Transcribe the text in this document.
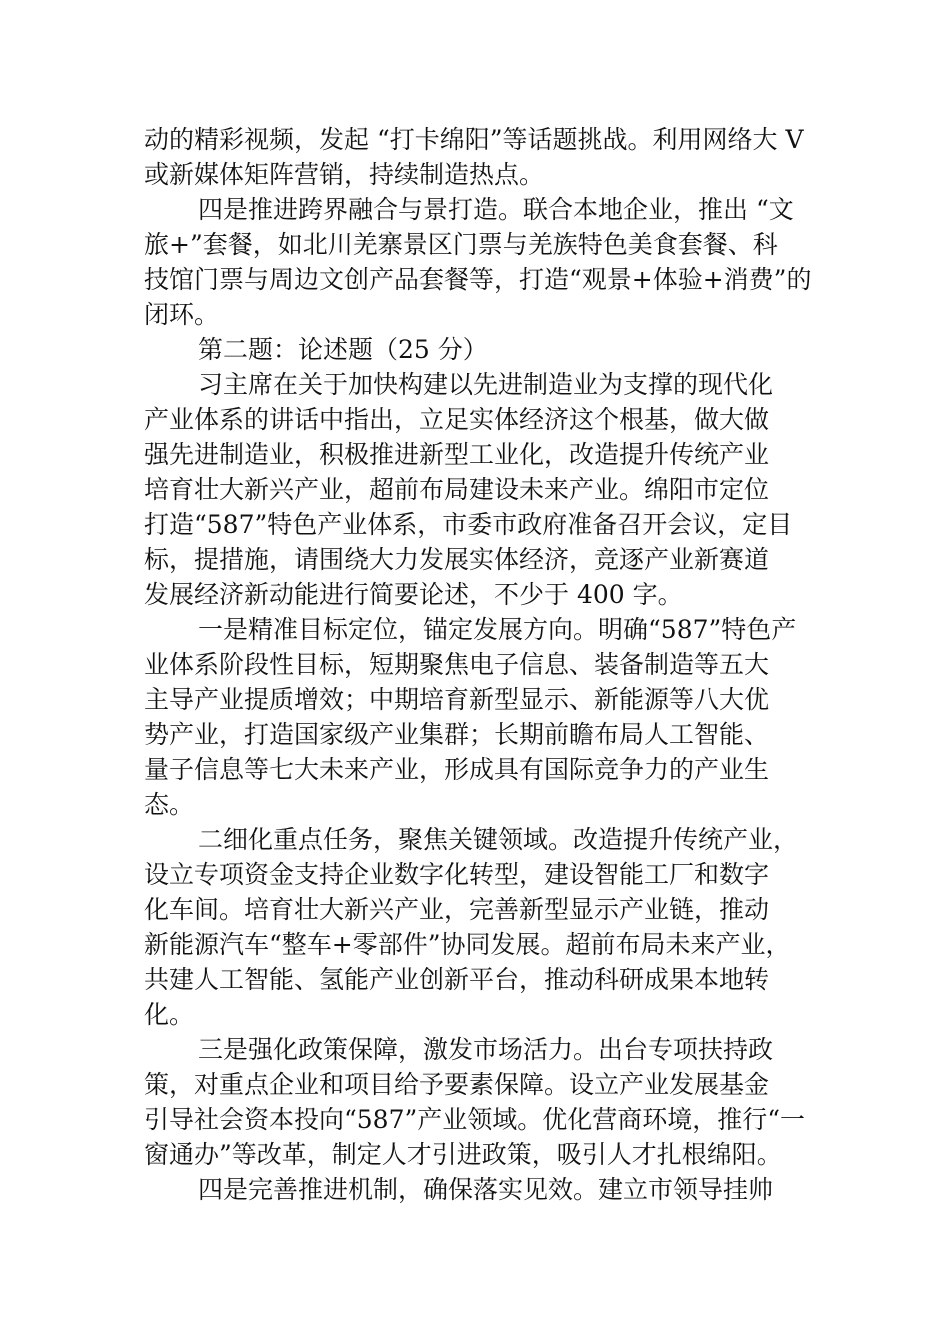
动的精彩视频，发起 “打卡绵阳”等话题挑战。利用网络大 V
或新媒体矩阵营销，持续制造热点。
四是推进跨界融合与景打造。联合本地企业，推出 “文
旅+”套餐，如北川羌寨景区门票与羌族特色美食套餐、科
技馆门票与周边文创产品套餐等，打造“观景+体验+消费”的
闭环。
第二题：论述题（25 分）
习主席在关于加快构建以先进制造业为支撑的现代化
产业体系的讲话中指出，立足实体经济这个根基，做大做
强先进制造业，积极推进新型工业化，改造提升传统产业
培育壮大新兴产业，超前布局建设未来产业。绵阳市定位
打造“587”特色产业体系，市委市政府准备召开会议，定目
标，提措施，请围绕大力发展实体经济，竞逐产业新赛道
发展经济新动能进行简要论述，不少于 400 字。
一是精准目标定位，锚定发展方向。明确“587”特色产
业体系阶段性目标，短期聚焦电子信息、装备制造等五大
主导产业提质增效；中期培育新型显示、新能源等八大优
势产业，打造国家级产业集群；长期前瞻布局人工智能、
量子信息等七大未来产业，形成具有国际竞争力的产业生
态。
二细化重点任务，聚焦关键领域。改造提升传统产业，
设立专项资金支持企业数字化转型，建设智能工厂和数字
化车间。培育壮大新兴产业，完善新型显示产业链，推动
新能源汽车“整车+零部件”协同发展。超前布局未来产业，
共建人工智能、氢能产业创新平台，推动科研成果本地转
化。
三是强化政策保障，激发市场活力。出台专项扶持政
策，对重点企业和项目给予要素保障。设立产业发展基金
引导社会资本投向“587”产业领域。优化营商环境，推行“一
窗通办”等改革，制定人才引进政策，吸引人才扎根绵阳。
四是完善推进机制，确保落实见效。建立市领导挂帅
